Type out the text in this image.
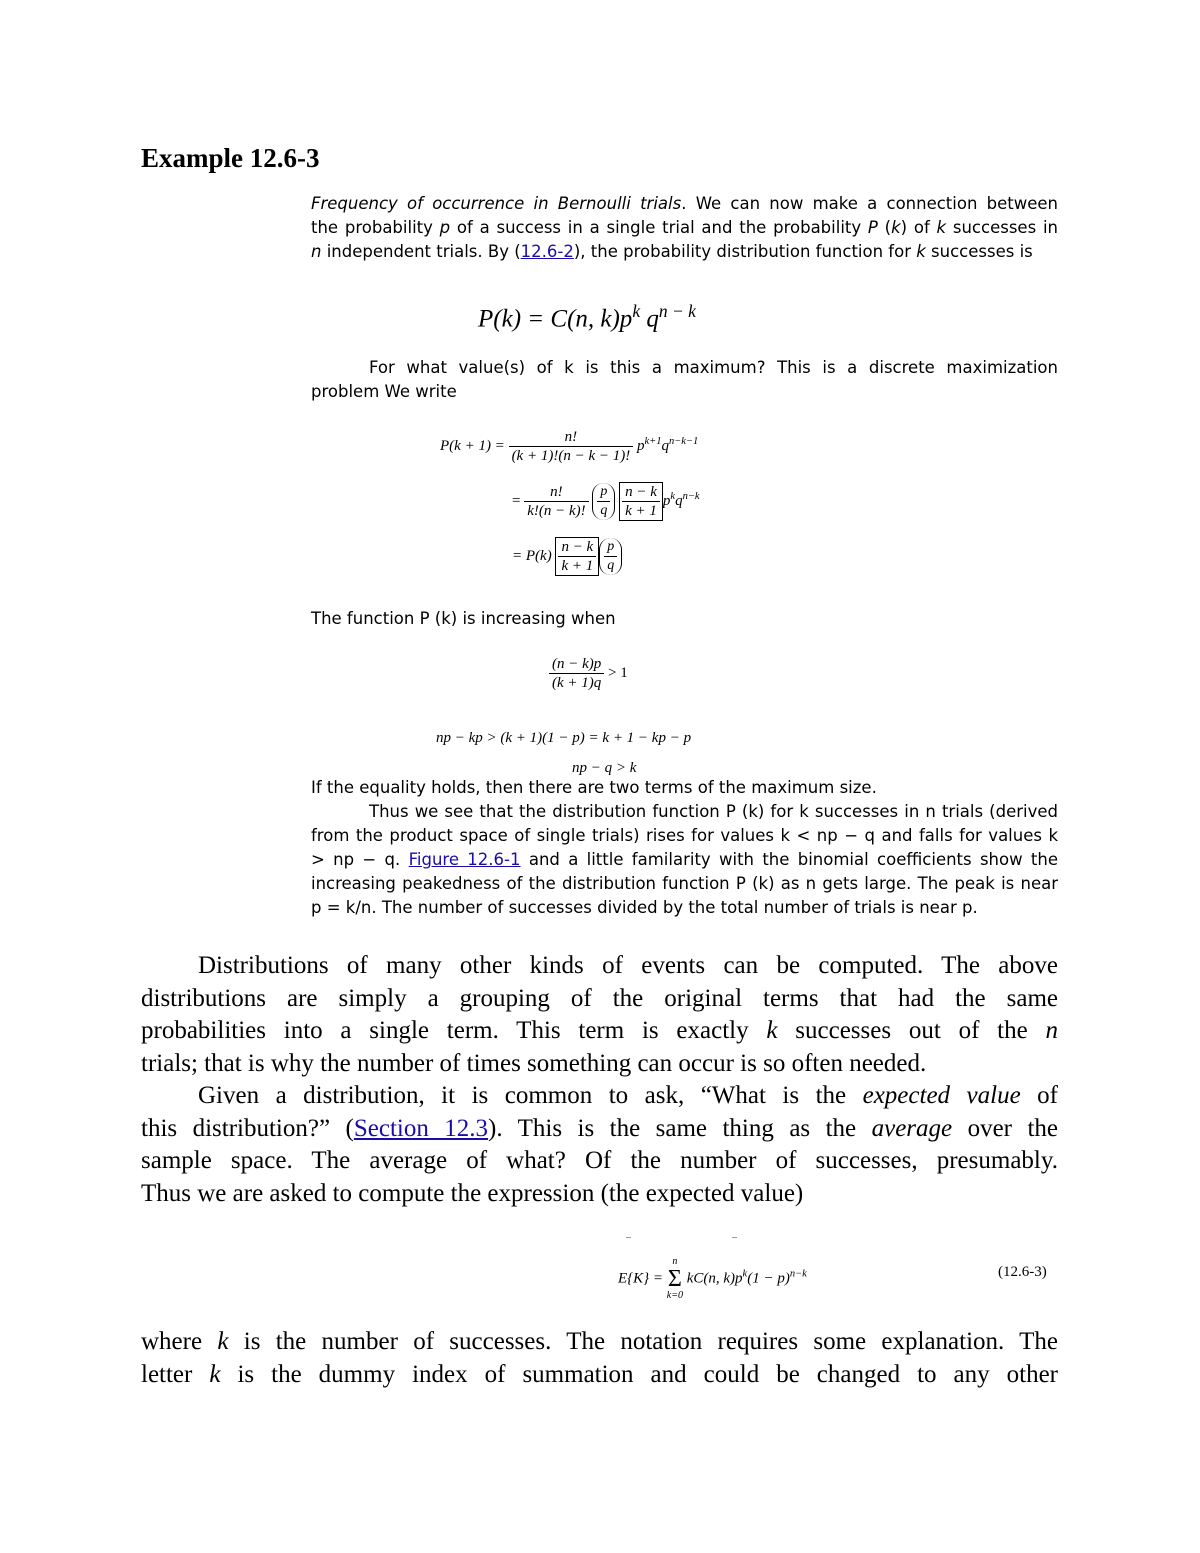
Example 12.6-3

Frequency of occurrence in Bernoulli trials. We can now make a connection between

the probability p of a success in a single trial and the probability P (k) of k successes in

n independent trials. By (12.6-2), the probability distribution function for k successes is

P(k) = C(n, $k)p^k$ $q^{n - k}$

For what value(s) of k is this a maximum? This is a discrete maximization

problem We write

$P(k + 1) = \frac{n!}{(k + 1)!(n - k - 1)!} p^{k+1}q^{n-k-1}$
= $\frac{n!}{k!(n - k)!}$
$\frac{p}{q}$
$\frac{n - k}{k + 1} p^kq^{n-k}$
= $P(k) \frac{n - k}{k + 1} \frac{p}{q}$
The function P (k) is increasing when
$\frac{(n - k)p}{(k + 1)q} > 1$
np − kp > (k + 1)(1 − p) = k + 1 − kp − p
np − q > k

If the equality holds, then there are two terms of the maximum size.

Thus we see that the distribution function P (k) for k successes in n trials (derived

from the product space of single trials) rises for values k < np − q and falls for values k

> np − q. Figure 12.6-1 and a little familarity with the binomial coefficients show the

increasing peakedness of the distribution function P (k) as n gets large. The peak is near

p = k/n. The number of successes divided by the total number of trials is near p.

Distributions of many other kinds of events can be computed. The above

distributions are simply a grouping of the original terms that had the same

probabilities into a single term. This term is exactly k successes out of the n

trials; that is why the number of times something can occur is so often needed.

Given a distribution, it is common to ask, “What is the expected value of

this distribution?” (Section 12.3). This is the same thing as the average over the

sample space. The average of what? Of the number of successes, presumably.

Thus we are asked to compute the expression (the expected value)

E{K} =
n
Σ
k=0
kC(n, $k)p^k(1 - p)^{n-k}$	(12.6-3)

where k is the number of successes. The notation requires some explanation. The

letter k is the dummy index of summation and could be changed to any other
